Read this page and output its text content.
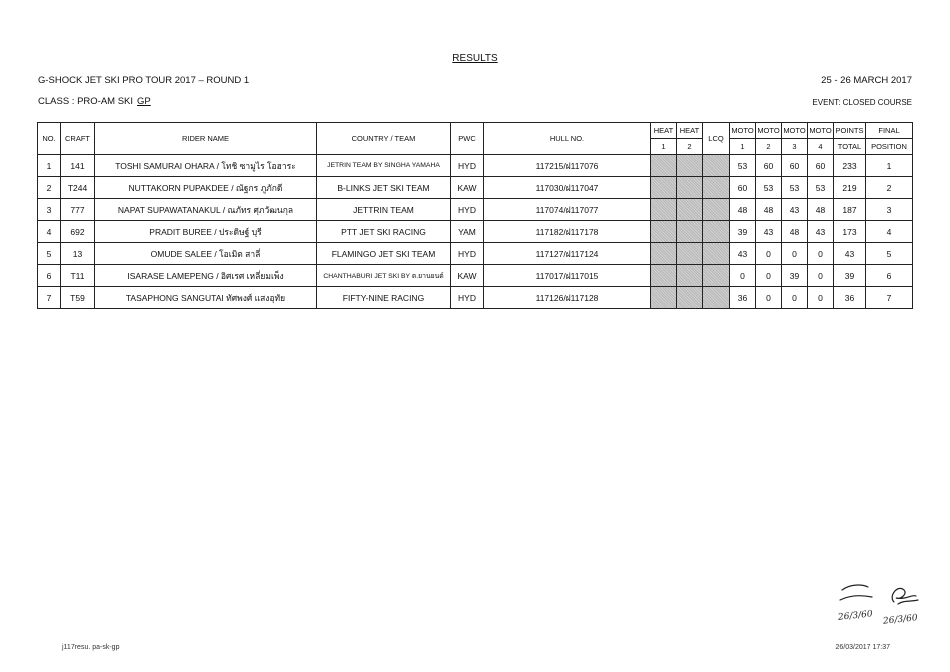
RESULTS
G-SHOCK JET SKI PRO TOUR 2017 – ROUND 1	25 - 26 MARCH 2017
CLASS : PRO-AM SKI GP	EVENT: CLOSED COURSE
NO.	CRAFT	RIDER NAME	COUNTRY / TEAM	PWC	HULL NO.	HEAT	HEAT	LCQ	MOTO	MOTO	MOTO	MOTO	POINTS	FINAL
						1	2		1	2	3	4	TOTAL	POSITION
1	141	TOSHI SAMURAI OHARA / โทชิ ซามูไร โอฮาระ	JETRIN TEAM BY SINGHA YAMAHA	HYD	117215/ฝ117076				53	60	60	60	233	1
2	T244	NUTTAKORN PUPAKDEE / ณัฐกร ภูภักดี	B-LINKS JET SKI TEAM	KAW	117030/ฝ117047				60	53	53	53	219	2
3	777	NAPAT SUPAWATANAKUL / ณภัทร ศุภวัฒนกุล	JETTRIN TEAM	HYD	117074/ฝ117077				48	48	43	48	187	3
4	692	PRADIT BUREE / ประดิษฐ์ บุรี	PTT JET SKI RACING	YAM	117182/ฝ117178				39	43	48	43	173	4
5	13	OMUDE SALEE / โอเมิต สาลี่	FLAMINGO JET SKI TEAM	HYD	117127/ฝ117124				43	0	0	0	43	5
6	T11	ISARASE LAMEPENG / อิศเรศ เหลี่ยมเพ็ง	CHANTHABURI JET SKI BY ต.ยานยนต์	KAW	117017/ฝ117015				0	0	39	0	39	6
7	T59	TASAPHONG SANGUTAI ทัศพงศ์ แสงอุทัย	FIFTY-NINE RACING	HYD	117126/ฝ117128				36	0	0	0	36	7
26/3/60 26/3/60
j117resu. pa-sk-gp	26/03/2017 17:37
